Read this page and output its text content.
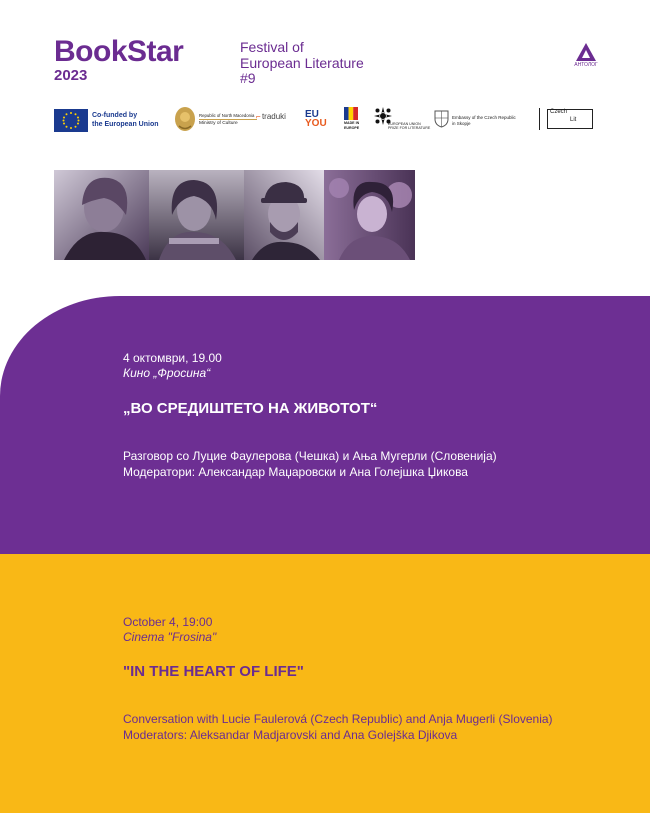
BookStar
2023
Festival of
European Literature
#9
АНТОЛОГ
Co-funded by
the European Union
Republic of North Macedonia
Ministry of Culture
⌐ traduki	EU
YOU	MADE IN EUROPE
EUROPEAN UNION
PRIZE FOR LITERATURE
Embassy of the Czech Republic
in Skopje
Czech
Lit
4 октомври, 19.00
Кино „Фросина“
„ВО СРЕДИШТЕТО НА ЖИВОТОТ“
Разговор со Луцие Фаулерова (Чешка) и Ања Мугерли (Словенија)
Модератори: Александар Маџаровски и Ана Голејшка Џикова
October 4, 19:00
Cinema "Frosina"
"IN THE HEART OF LIFE"
Conversation with Lucie Faulerová (Czech Republic) and Anja Mugerli (Slovenia)
Moderators: Aleksandar Madjarovski and Ana Golejška Djikova
